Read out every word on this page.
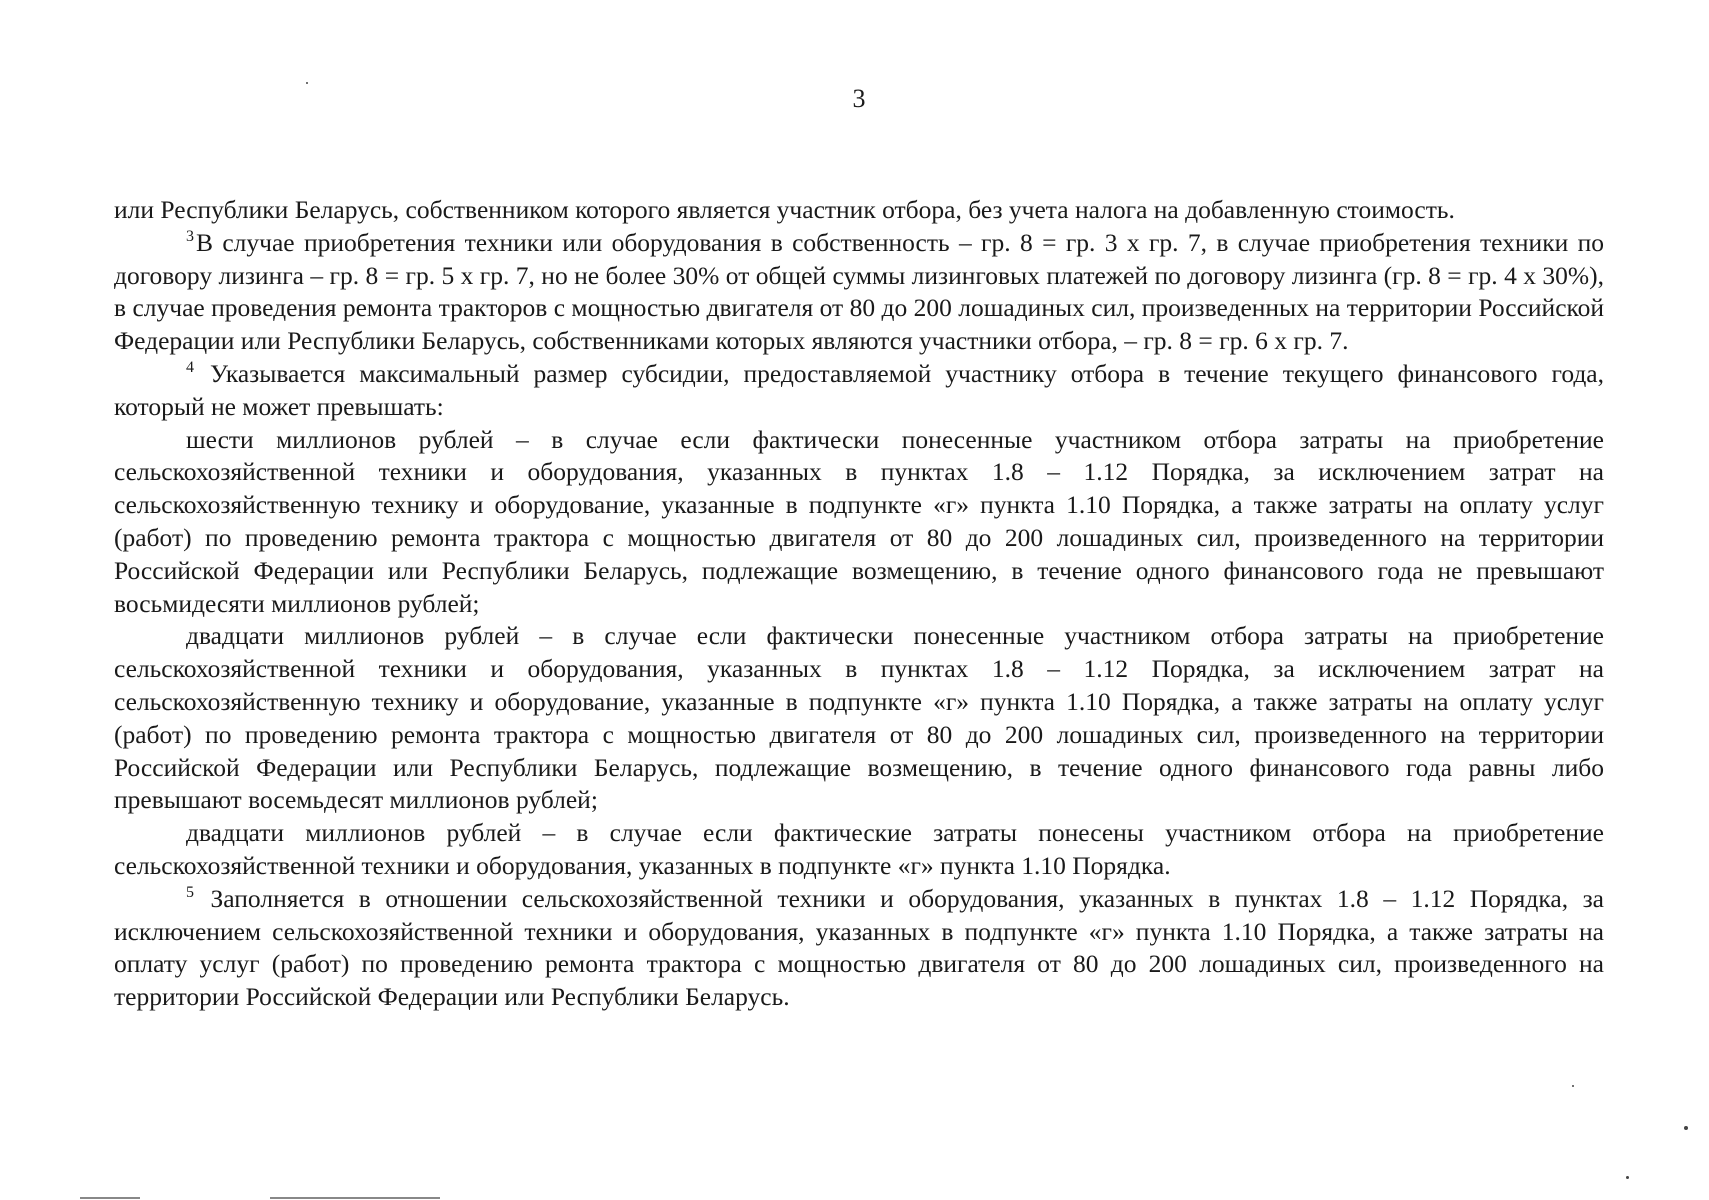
3

или Республики Беларусь, собственником которого является участник отбора, без учета налога на добавленную стоимость.

$^3$В случае приобретения техники или оборудования в собственность – гр. 8 = гр. 3 х гр. 7, в случае приобретения техники по договору лизинга – гр. 8 = гр. 5 х гр. 7, но не более 30% от общей суммы лизинговых платежей по договору лизинга (гр. 8 = гр. 4 х 30%), в случае проведения ремонта тракторов с мощностью двигателя от 80 до 200 лошадиных сил, произведенных на территории Российской Федерации или Республики Беларусь, собственниками которых являются участники отбора, – гр. 8 = гр. 6 х гр. 7.

$^4$ Указывается максимальный размер субсидии, предоставляемой участнику отбора в течение текущего финансового года, который не может превышать:

шести миллионов рублей – в случае если фактически понесенные участником отбора затраты на приобретение сельскохозяйственной техники и оборудования, указанных в пунктах 1.8 – 1.12 Порядка, за исключением затрат на сельскохозяйственную технику и оборудование, указанные в подпункте «г» пункта 1.10 Порядка, а также затраты на оплату услуг (работ) по проведению ремонта трактора с мощностью двигателя от 80 до 200 лошадиных сил, произведенного на территории Российской Федерации или Республики Беларусь, подлежащие возмещению, в течение одного финансового года не превышают восьмидесяти миллионов рублей;

двадцати миллионов рублей – в случае если фактически понесенные участником отбора затраты на приобретение сельскохозяйственной техники и оборудования, указанных в пунктах 1.8 – 1.12 Порядка, за исключением затрат на сельскохозяйственную технику и оборудование, указанные в подпункте «г» пункта 1.10 Порядка, а также затраты на оплату услуг (работ) по проведению ремонта трактора с мощностью двигателя от 80 до 200 лошадиных сил, произведенного на территории Российской Федерации или Республики Беларусь, подлежащие возмещению, в течение одного финансового года равны либо превышают восемьдесят миллионов рублей;

двадцати миллионов рублей – в случае если фактические затраты понесены участником отбора на приобретение сельскохозяйственной техники и оборудования, указанных в подпункте «г» пункта 1.10 Порядка.

$^5$ Заполняется в отношении сельскохозяйственной техники и оборудования, указанных в пунктах 1.8 – 1.12 Порядка, за исключением сельскохозяйственной техники и оборудования, указанных в подпункте «г» пункта 1.10 Порядка, а также затраты на оплату услуг (работ) по проведению ремонта трактора с мощностью двигателя от 80 до 200 лошадиных сил, произведенного на территории Российской Федерации или Республики Беларусь.
